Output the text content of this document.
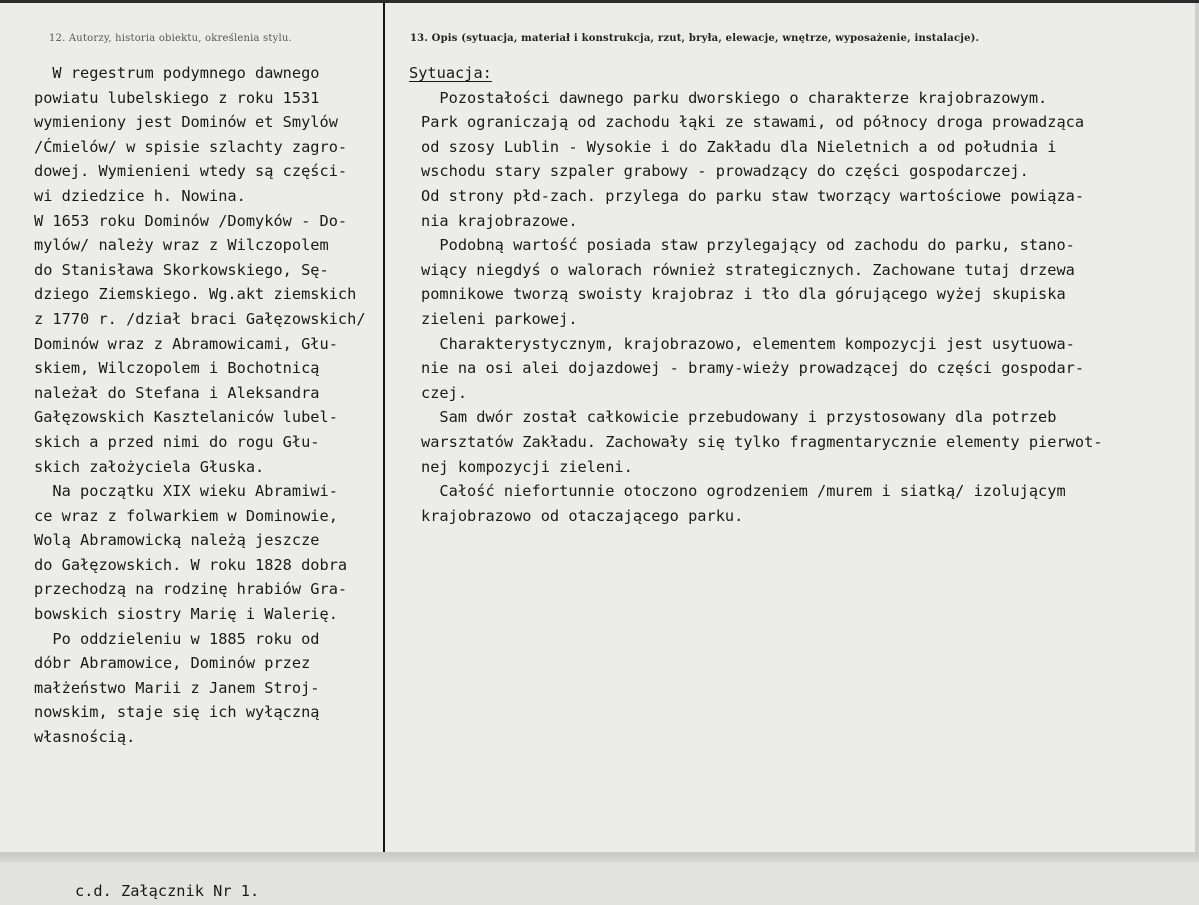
12. Autorzy, historia obiektu, określenia stylu.	13. Opis (sytuacja, materiał i konstrukcja, rzut, bryła, elewacje, wnętrze, wyposażenie, instalacje).
W regestrum podymnego dawnego
powiatu lubelskiego z roku 1531
wymieniony jest Dominów et Smylów
/Ćmielów/ w spisie szlachty zagro-
dowej. Wymienieni wtedy są części-
wi dziedzice h. Nowina.
W 1653 roku Dominów /Domyków - Do-
mylów/ należy wraz z Wilczopolem
do Stanisława Skorkowskiego, Sę-
dziego Ziemskiego. Wg.akt ziemskich
z 1770 r. /dział braci Gałęzowskich/
Dominów wraz z Abramowicami, Głu-
skiem, Wilczopolem i Bochotnicą
należał do Stefana i Aleksandra
Gałęzowskich Kasztelaniców lubel-
skich a przed nimi do rogu Głu-
skich założyciela Głuska.
Na początku XIX wieku Abramiwi-
ce wraz z folwarkiem w Dominowie,
Wolą Abramowicką należą jeszcze
do Gałęzowskich. W roku 1828 dobra
przechodzą na rodzinę hrabiów Gra-
bowskich siostry Marię i Walerię.
Po oddzieleniu w 1885 roku od
dóbr Abramowice, Dominów przez
małżeństwo Marii z Janem Stroj-
nowskim, staje się ich wyłączną
własnością.
Sytuacja:
Pozostałości dawnego parku dworskiego o charakterze krajobrazowym.
Park ograniczają od zachodu łąki ze stawami, od północy droga prowadząca
od szosy Lublin - Wysokie i do Zakładu dla Nieletnich a od południa i
wschodu stary szpaler grabowy - prowadzący do części gospodarczej.
Od strony płd-zach. przylega do parku staw tworzący wartościowe powiąza-
nia krajobrazowe.
Podobną wartość posiada staw przylegający od zachodu do parku, stano-
wiący niegdyś o walorach również strategicznych. Zachowane tutaj drzewa
pomnikowe tworzą swoisty krajobraz i tło dla górującego wyżej skupiska
zieleni parkowej.
Charakterystycznym, krajobrazowo, elementem kompozycji jest usytuowa-
nie na osi alei dojazdowej - bramy-wieży prowadzącej do części gospodar-
czej.
Sam dwór został całkowicie przebudowany i przystosowany dla potrzeb
warsztatów Zakładu. Zachowały się tylko fragmentarycznie elementy pierwot-
nej kompozycji zieleni.
Całość niefortunnie otoczono ogrodzeniem /murem i siatką/ izolującym
krajobrazowo od otaczającego parku.
c.d. Załącznik Nr 1.
